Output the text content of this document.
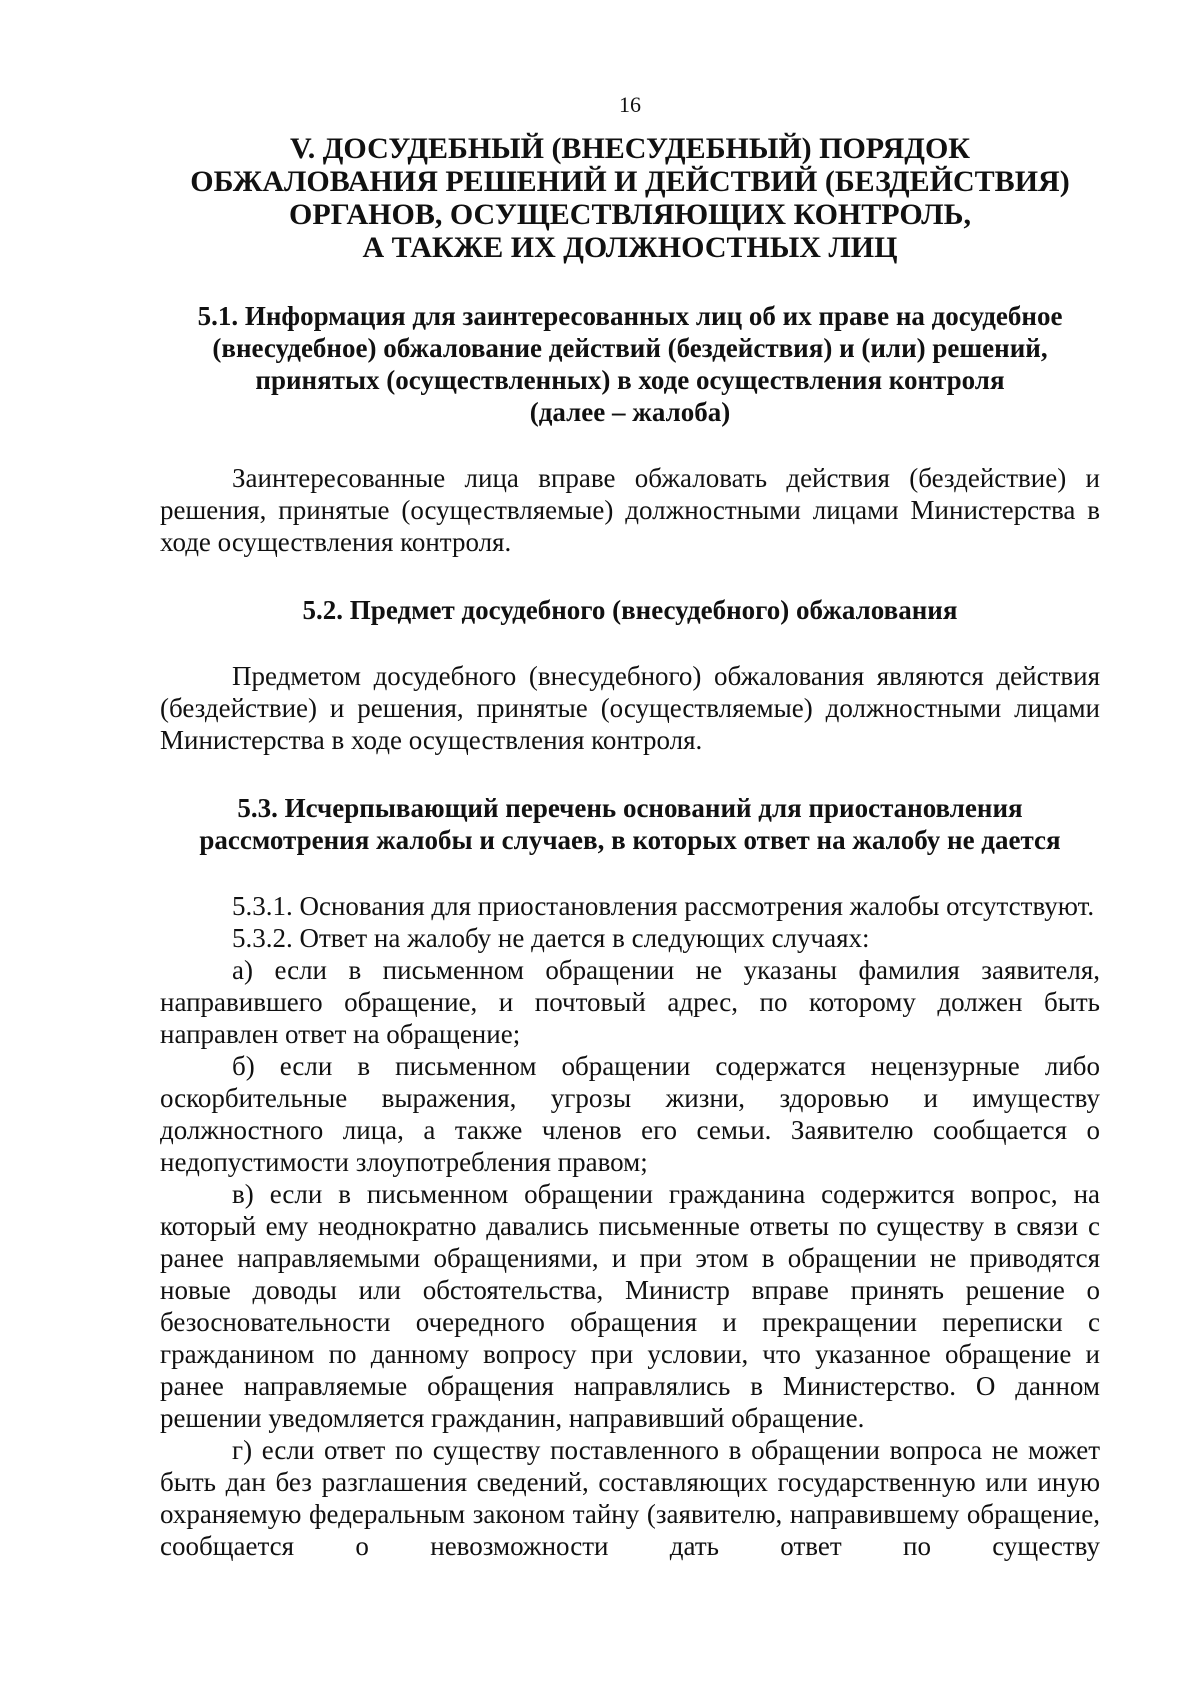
16
V. ДОСУДЕБНЫЙ (ВНЕСУДЕБНЫЙ) ПОРЯДОК
ОБЖАЛОВАНИЯ РЕШЕНИЙ И ДЕЙСТВИЙ (БЕЗДЕЙСТВИЯ)
ОРГАНОВ, ОСУЩЕСТВЛЯЮЩИХ КОНТРОЛЬ,
А ТАКЖЕ ИХ ДОЛЖНОСТНЫХ ЛИЦ
5.1. Информация для заинтересованных лиц об их праве на досудебное
(внесудебное) обжалование действий (бездействия) и (или) решений,
принятых (осуществленных) в ходе осуществления контроля
(далее – жалоба)

Заинтересованные лица вправе обжаловать действия (бездействие) и решения, принятые (осуществляемые) должностными лицами Министерства в ходе осуществления контроля.

5.2. Предмет досудебного (внесудебного) обжалования

Предметом досудебного (внесудебного) обжалования являются действия (бездействие) и решения, принятые (осуществляемые) должностными лицами Министерства в ходе осуществления контроля.

5.3. Исчерпывающий перечень оснований для приостановления
рассмотрения жалобы и случаев, в которых ответ на жалобу не дается

5.3.1. Основания для приостановления рассмотрения жалобы отсутствуют.

5.3.2. Ответ на жалобу не дается в следующих случаях:

а) если в письменном обращении не указаны фамилия заявителя, направившего обращение, и почтовый адрес, по которому должен быть направлен ответ на обращение;

б) если в письменном обращении содержатся нецензурные либо оскорбительные выражения, угрозы жизни, здоровью и имуществу должностного лица, а также членов его семьи. Заявителю сообщается о недопустимости злоупотребления правом;

в) если в письменном обращении гражданина содержится вопрос, на который ему неоднократно давались письменные ответы по существу в связи с ранее направляемыми обращениями, и при этом в обращении не приводятся новые доводы или обстоятельства, Министр вправе принять решение о безосновательности очередного обращения и прекращении переписки с гражданином по данному вопросу при условии, что указанное обращение и ранее направляемые обращения направлялись в Министерство. О данном решении уведомляется гражданин, направивший обращение.

г) если ответ по существу поставленного в обращении вопроса не может быть дан без разглашения сведений, составляющих государственную или иную охраняемую федеральным законом тайну (заявителю, направившему обращение, сообщается о невозможности дать ответ по существу
